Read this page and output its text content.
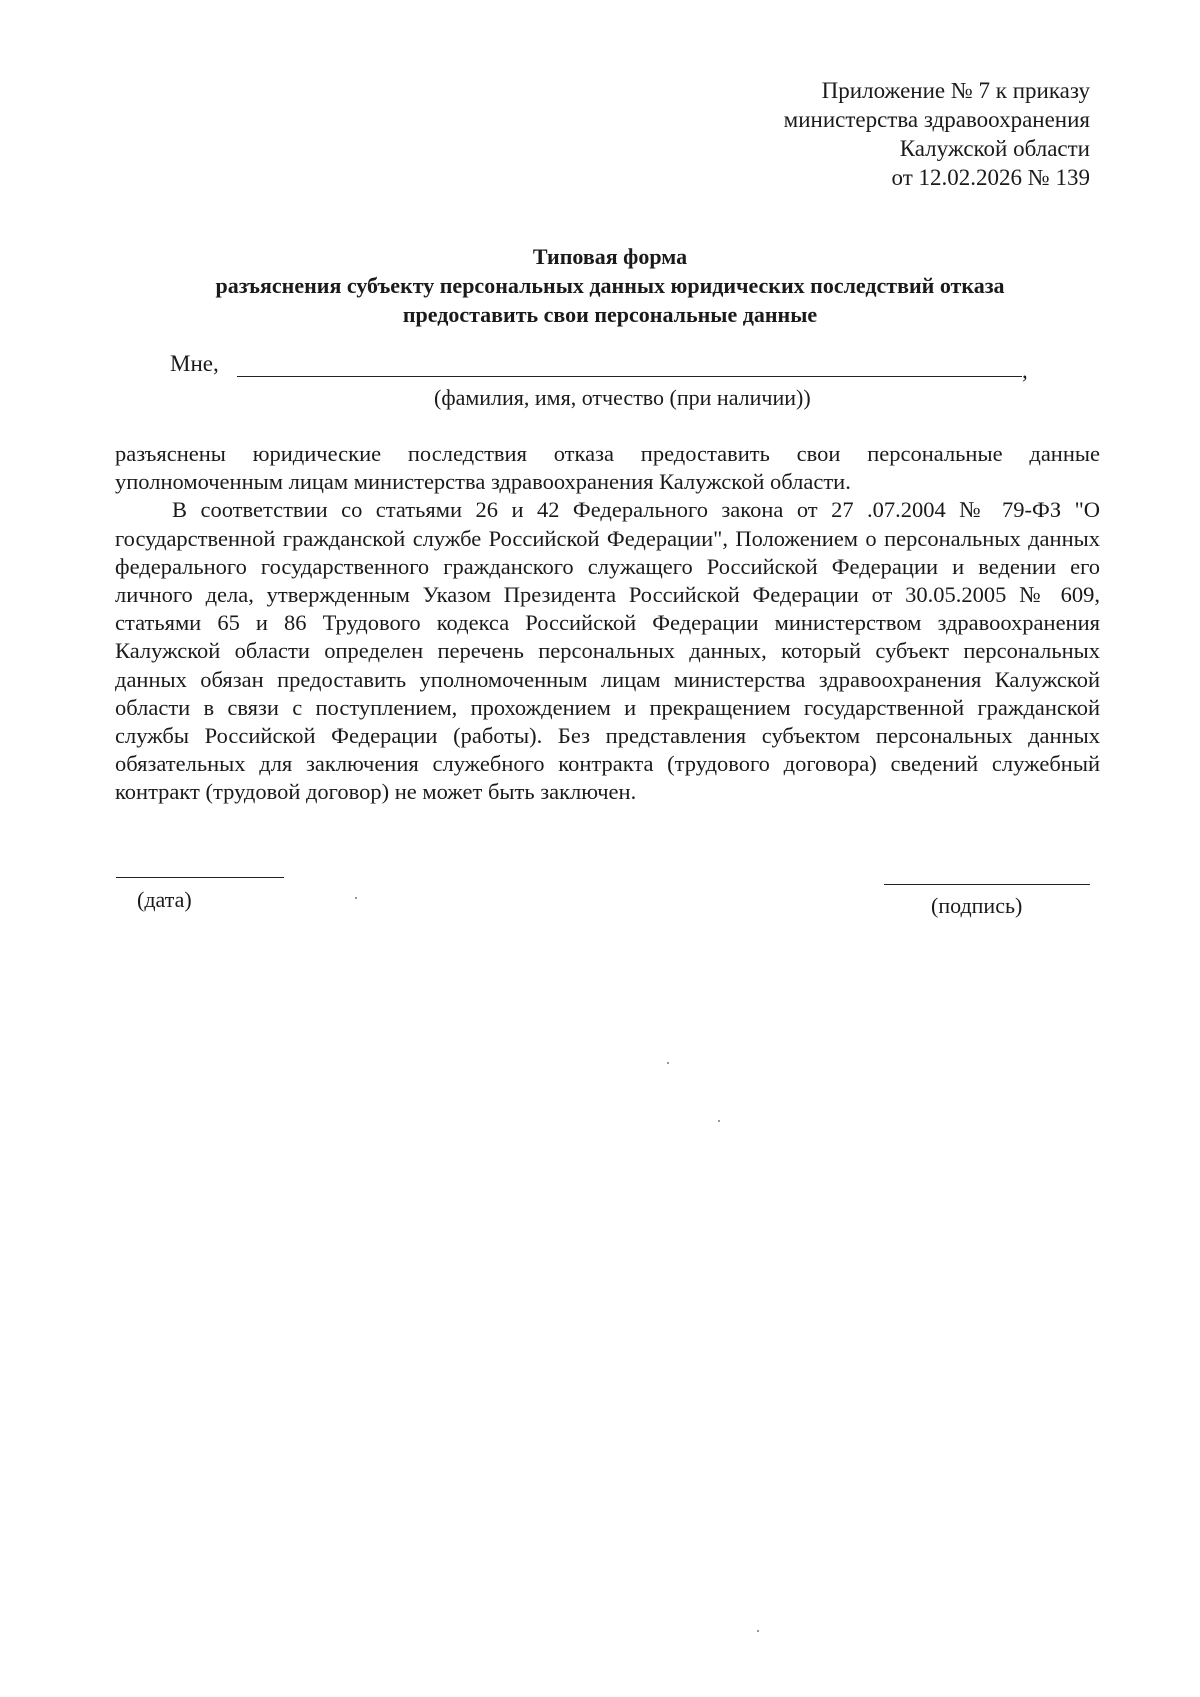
Приложение № 7 к приказу
министерства здравоохранения
Калужской области
от 12.02.2026 № 139
Типовая форма
разъяснения субъекту персональных данных юридических последствий отказа
предоставить свои персональные данные
Мне,	,
(фамилия, имя, отчество (при наличии))

разъяснены юридические последствия отказа предоставить свои персональные данные уполномоченным лицам министерства здравоохранения Калужской области.

В соответствии со статьями 26 и 42 Федерального закона от 27 .07.2004 № 79-ФЗ "О государственной гражданской службе Российской Федерации", Положением о персональных данных федерального государственного гражданского служащего Российской Федерации и ведении его личного дела, утвержденным Указом Президента Российской Федерации от 30.05.2005 № 609, статьями 65 и 86 Трудового кодекса Российской Федерации министерством здравоохранения Калужской области определен перечень персональных данных, который субъект персональных данных обязан предоставить уполномоченным лицам министерства здравоохранения Калужской области в связи с поступлением, прохождением и прекращением государственной гражданской службы Российской Федерации (работы). Без представления субъектом персональных данных обязательных для заключения служебного контракта (трудового договора) сведений служебный контракт (трудовой договор) не может быть заключен.

(дата)	(подпись)
